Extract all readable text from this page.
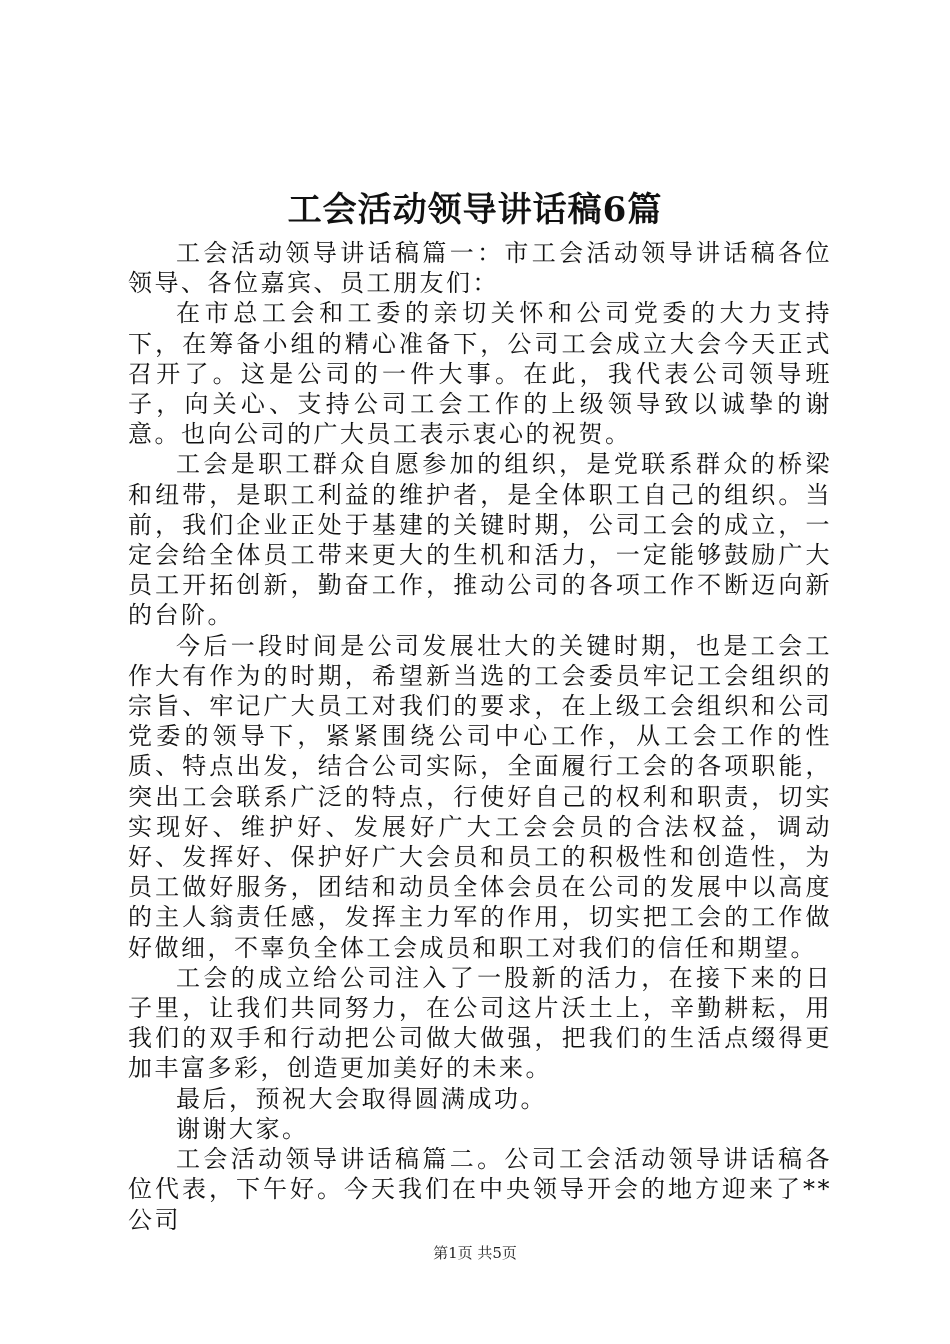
工会活动领导讲话稿6篇

工会活动领导讲话稿篇一：市工会活动领导讲话稿各位领导、各位嘉宾、员工朋友们：

在市总工会和工委的亲切关怀和公司党委的大力支持下，在筹备小组的精心准备下，公司工会成立大会今天正式召开了。这是公司的一件大事。在此，我代表公司领导班子，向关心、支持公司工会工作的上级领导致以诚挚的谢意。也向公司的广大员工表示衷心的祝贺。

工会是职工群众自愿参加的组织，是党联系群众的桥梁和纽带，是职工利益的维护者，是全体职工自己的组织。当前，我们企业正处于基建的关键时期，公司工会的成立，一定会给全体员工带来更大的生机和活力，一定能够鼓励广大员工开拓创新，勤奋工作，推动公司的各项工作不断迈向新的台阶。

今后一段时间是公司发展壮大的关键时期，也是工会工作大有作为的时期，希望新当选的工会委员牢记工会组织的宗旨、牢记广大员工对我们的要求，在上级工会组织和公司党委的领导下，紧紧围绕公司中心工作，从工会工作的性质、特点出发，结合公司实际，全面履行工会的各项职能，突出工会联系广泛的特点，行使好自己的权利和职责，切实实现好、维护好、发展好广大工会会员的合法权益，调动好、发挥好、保护好广大会员和员工的积极性和创造性，为员工做好服务，团结和动员全体会员在公司的发展中以高度的主人翁责任感，发挥主力军的作用，切实把工会的工作做好做细，不辜负全体工会成员和职工对我们的信任和期望。

工会的成立给公司注入了一股新的活力，在接下来的日子里，让我们共同努力，在公司这片沃土上，辛勤耕耘，用我们的双手和行动把公司做大做强，把我们的生活点缀得更加丰富多彩，创造更加美好的未来。

最后，预祝大会取得圆满成功。

谢谢大家。

工会活动领导讲话稿篇二。公司工会活动领导讲话稿各位代表，下午好。今天我们在中央领导开会的地方迎来了**公司

第1页 共5页
